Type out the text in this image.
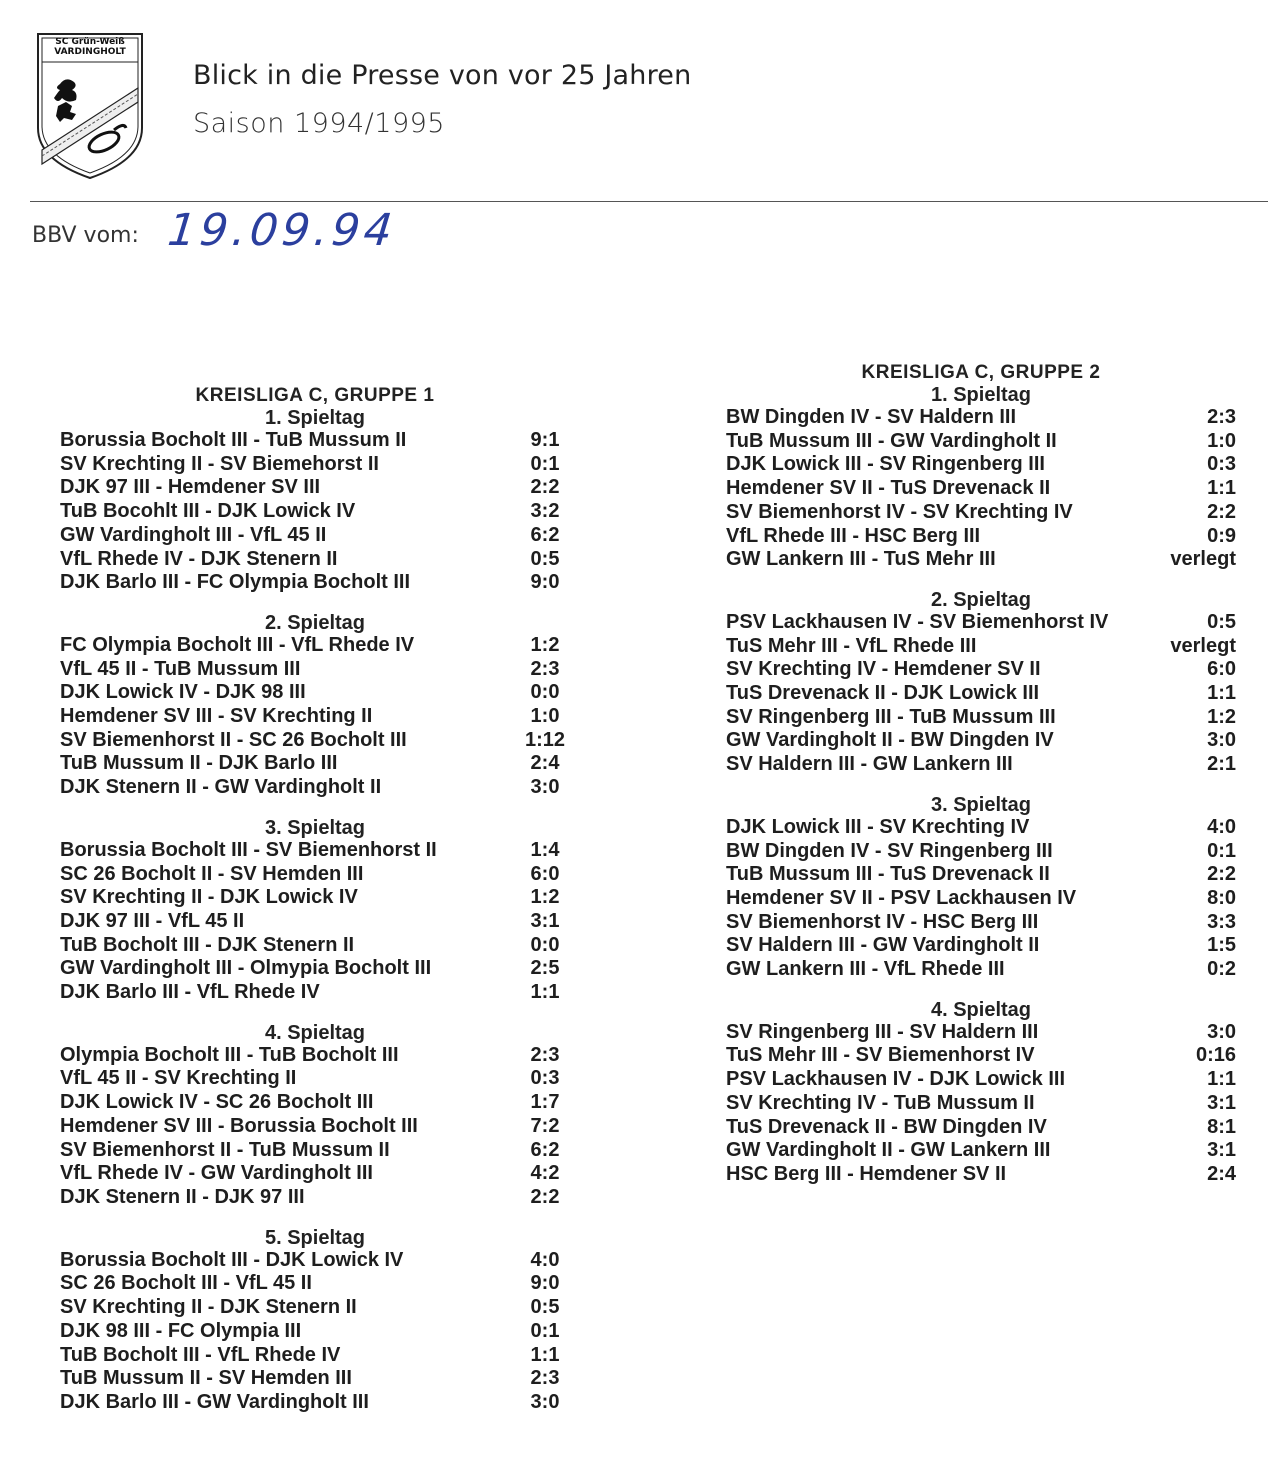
SC Grün-Weiß
VARDINGHOLT
Blick in die Presse von vor 25 Jahren
Saison 1994/1995
BBV vom: 19.09.94
KREISLIGA C, GRUPPE 1
1. Spieltag
Borussia Bocholt III - TuB Mussum II	9:1
SV Krechting II - SV Biemehorst II	0:1
DJK 97 III - Hemdener SV III	2:2
TuB Bocohlt III - DJK Lowick IV	3:2
GW Vardingholt III - VfL 45 II	6:2
VfL Rhede IV - DJK Stenern II	0:5
DJK Barlo III - FC Olympia Bocholt III	9:0
2. Spieltag
FC Olympia Bocholt III - VfL Rhede IV	1:2
VfL 45 II - TuB Mussum III	2:3
DJK Lowick IV - DJK 98 III	0:0
Hemdener SV III - SV Krechting II	1:0
SV Biemenhorst II - SC 26 Bocholt III	1:12
TuB Mussum II - DJK Barlo III	2:4
DJK Stenern II - GW Vardingholt II	3:0
3. Spieltag
Borussia Bocholt III - SV Biemenhorst II	1:4
SC 26 Bocholt II - SV Hemden III	6:0
SV Krechting II - DJK Lowick IV	1:2
DJK 97 III - VfL 45 II	3:1
TuB Bocholt III - DJK Stenern II	0:0
GW Vardingholt III - Olmypia Bocholt III	2:5
DJK Barlo III - VfL Rhede IV	1:1
4. Spieltag
Olympia Bocholt III - TuB Bocholt III	2:3
VfL 45 II - SV Krechting II	0:3
DJK Lowick IV - SC 26 Bocholt III	1:7
Hemdener SV III - Borussia Bocholt III	7:2
SV Biemenhorst II - TuB Mussum II	6:2
VfL Rhede IV - GW Vardingholt III	4:2
DJK Stenern II - DJK 97 III	2:2
5. Spieltag
Borussia Bocholt III - DJK Lowick IV	4:0
SC 26 Bocholt III - VfL 45 II	9:0
SV Krechting II - DJK Stenern II	0:5
DJK 98 III - FC Olympia III	0:1
TuB Bocholt III - VfL Rhede IV	1:1
TuB Mussum II - SV Hemden III	2:3
DJK Barlo III - GW Vardingholt III	3:0
KREISLIGA C, GRUPPE 2
1. Spieltag
BW Dingden IV - SV Haldern III	2:3
TuB Mussum III - GW Vardingholt II	1:0
DJK Lowick III - SV Ringenberg III	0:3
Hemdener SV II - TuS Drevenack II	1:1
SV Biemenhorst IV - SV Krechting IV	2:2
VfL Rhede III - HSC Berg III	0:9
GW Lankern III - TuS Mehr III	verlegt
2. Spieltag
PSV Lackhausen IV - SV Biemenhorst IV	0:5
TuS Mehr III - VfL Rhede III	verlegt
SV Krechting IV - Hemdener SV II	6:0
TuS Drevenack II - DJK Lowick III	1:1
SV Ringenberg III - TuB Mussum III	1:2
GW Vardingholt II - BW Dingden IV	3:0
SV Haldern III - GW Lankern III	2:1
3. Spieltag
DJK Lowick III - SV Krechting IV	4:0
BW Dingden IV - SV Ringenberg III	0:1
TuB Mussum III - TuS Drevenack II	2:2
Hemdener SV II - PSV Lackhausen IV	8:0
SV Biemenhorst IV - HSC Berg III	3:3
SV Haldern III - GW Vardingholt II	1:5
GW Lankern III - VfL Rhede III	0:2
4. Spieltag
SV Ringenberg III - SV Haldern III	3:0
TuS Mehr III - SV Biemenhorst IV	0:16
PSV Lackhausen IV - DJK Lowick III	1:1
SV Krechting IV - TuB Mussum II	3:1
TuS Drevenack II - BW Dingden IV	8:1
GW Vardingholt II - GW Lankern III	3:1
HSC Berg III - Hemdener SV II	2:4
